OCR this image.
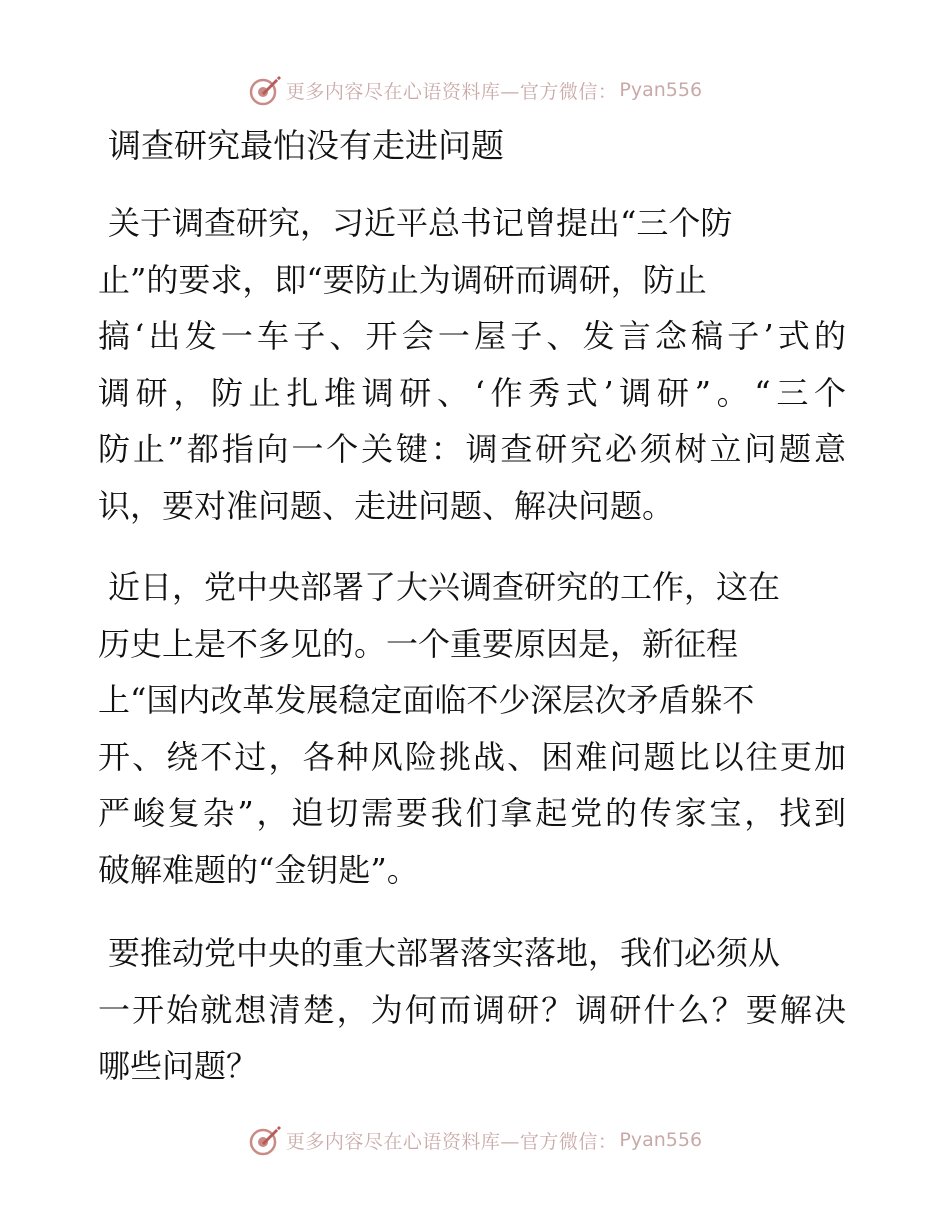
更多内容尽在心语资料库—官方微信： Pyan556
调查研究最怕没有走进问题
关于调查研究，习近平总书记曾提出“三个防
止”的要求，即“要防止为调研而调研，防止
搞‘出发一车子、开会一屋子、发言念稿子’式的
调研，防止扎堆调研、‘作秀式’调研”。“三个
防止”都指向一个关键：调查研究必须树立问题意
识，要对准问题、走进问题、解决问题。
近日，党中央部署了大兴调查研究的工作，这在
历史上是不多见的。一个重要原因是，新征程
上“国内改革发展稳定面临不少深层次矛盾躲不
开、绕不过，各种风险挑战、困难问题比以往更加
严峻复杂”，迫切需要我们拿起党的传家宝，找到
破解难题的“金钥匙”。
要推动党中央的重大部署落实落地，我们必须从
一开始就想清楚，为何而调研？调研什么？要解决
哪些问题？
更多内容尽在心语资料库—官方微信： Pyan556
